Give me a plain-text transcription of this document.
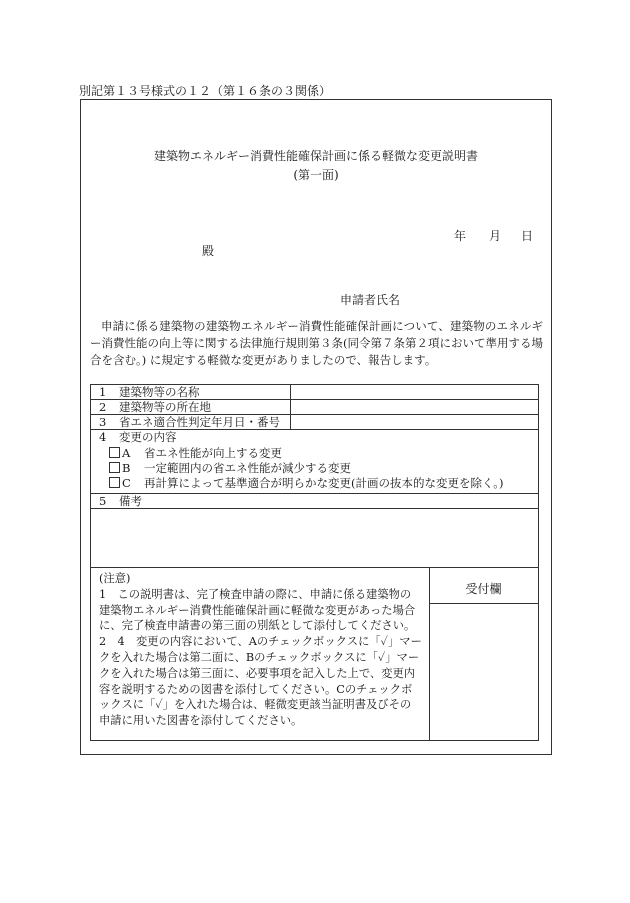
別記第１３号様式の１２（第１６条の３関係）
建築物エネルギー消費性能確保計画に係る軽微な変更説明書
(第一面)
年 月 日
殿
申請者氏名
申請に係る建築物の建築物エネルギー消費性能確保計画について、建築物のエネルギー消費性能の向上等に関する法律施行規則第３条(同令第７条第２項において準用する場合を含む。) に規定する軽微な変更がありましたので、報告します。
1 建築物等の名称
2 建築物等の所在地
3 省エネ適合性判定年月日・番号
4 変更の内容
A 省エネ性能が向上する変更
B 一定範囲内の省エネ性能が減少する変更
C 再計算によって基準適合が明らかな変更(計画の抜本的な変更を除く。)
5 備考

(注意)

1　この説明書は、完了検査申請の際に、申請に係る建築物の建築物エネルギー消費性能確保計画に軽微な変更があった場合に、完了検査申請書の第三面の別紙として添付してください。

2　4　変更の内容において、Aのチェックボックスに「✓」マークを入れた場合は第二面に、Bのチェックボックスに「✓」マークを入れた場合は第三面に、必要事項を記入した上で、変更内容を説明するための図書を添付してください。Cのチェックボックスに「✓」を入れた場合は、軽微変更該当証明書及びその申請に用いた図書を添付してください。

受付欄
